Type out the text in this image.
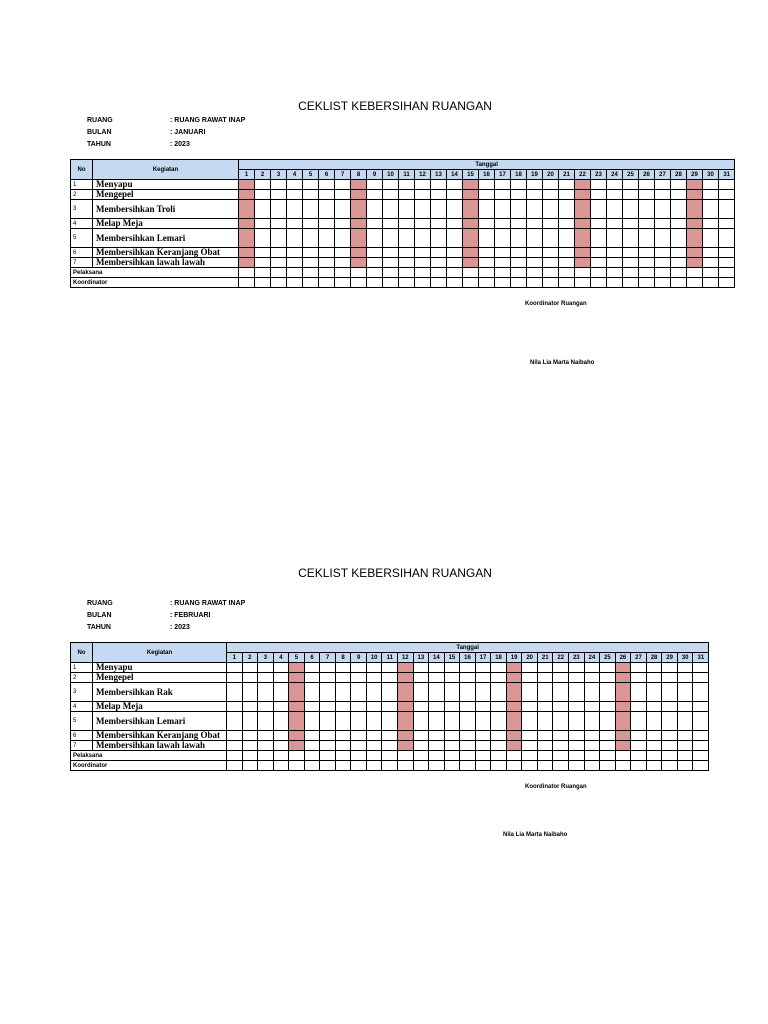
CEKLIST KEBERSIHAN RUANGAN
RUANG	: RUANG RAWAT INAP
BULAN	: JANUARI
TAHUN	: 2023
No	Kegiatan	Tanggal																														
		1	2	3	4	5	6	7	8	9	10	11	12	13	14	15	16	17	18	19	20	21	22	23	24	25	26	27	28	29	30	31
1	Menyapu																															
2	Mengepel																															
3	Membersihkan Troli																															
4	Melap Meja																															
5	Membersihkan Lemari																															
6	Membersihkan Keranjang Obat																															
7	Membersihkan lawah lawah																															
Pelaksana																																
Koordinator																																
Koordinator Ruangan
Nila Lia Marta Naibaho
CEKLIST KEBERSIHAN RUANGAN
RUANG	: RUANG RAWAT INAP
BULAN	: FEBRUARI
TAHUN	: 2023
No	Kegiatan	Tanggal																														
		1	2	3	4	5	6	7	8	9	10	11	12	13	14	15	16	17	18	19	20	21	22	23	24	25	26	27	28	29	30	31
1	Menyapu																															
2	Mengepel																															
3	Membersihkan Rak																															
4	Melap Meja																															
5	Membersihkan Lemari																															
6	Membersihkan Keranjang Obat																															
7	Membersihkan lawah lawah																															
Pelaksana																																
Koordinator																																
Koordinator Ruangan
Nila Lia Marta Naibaho
